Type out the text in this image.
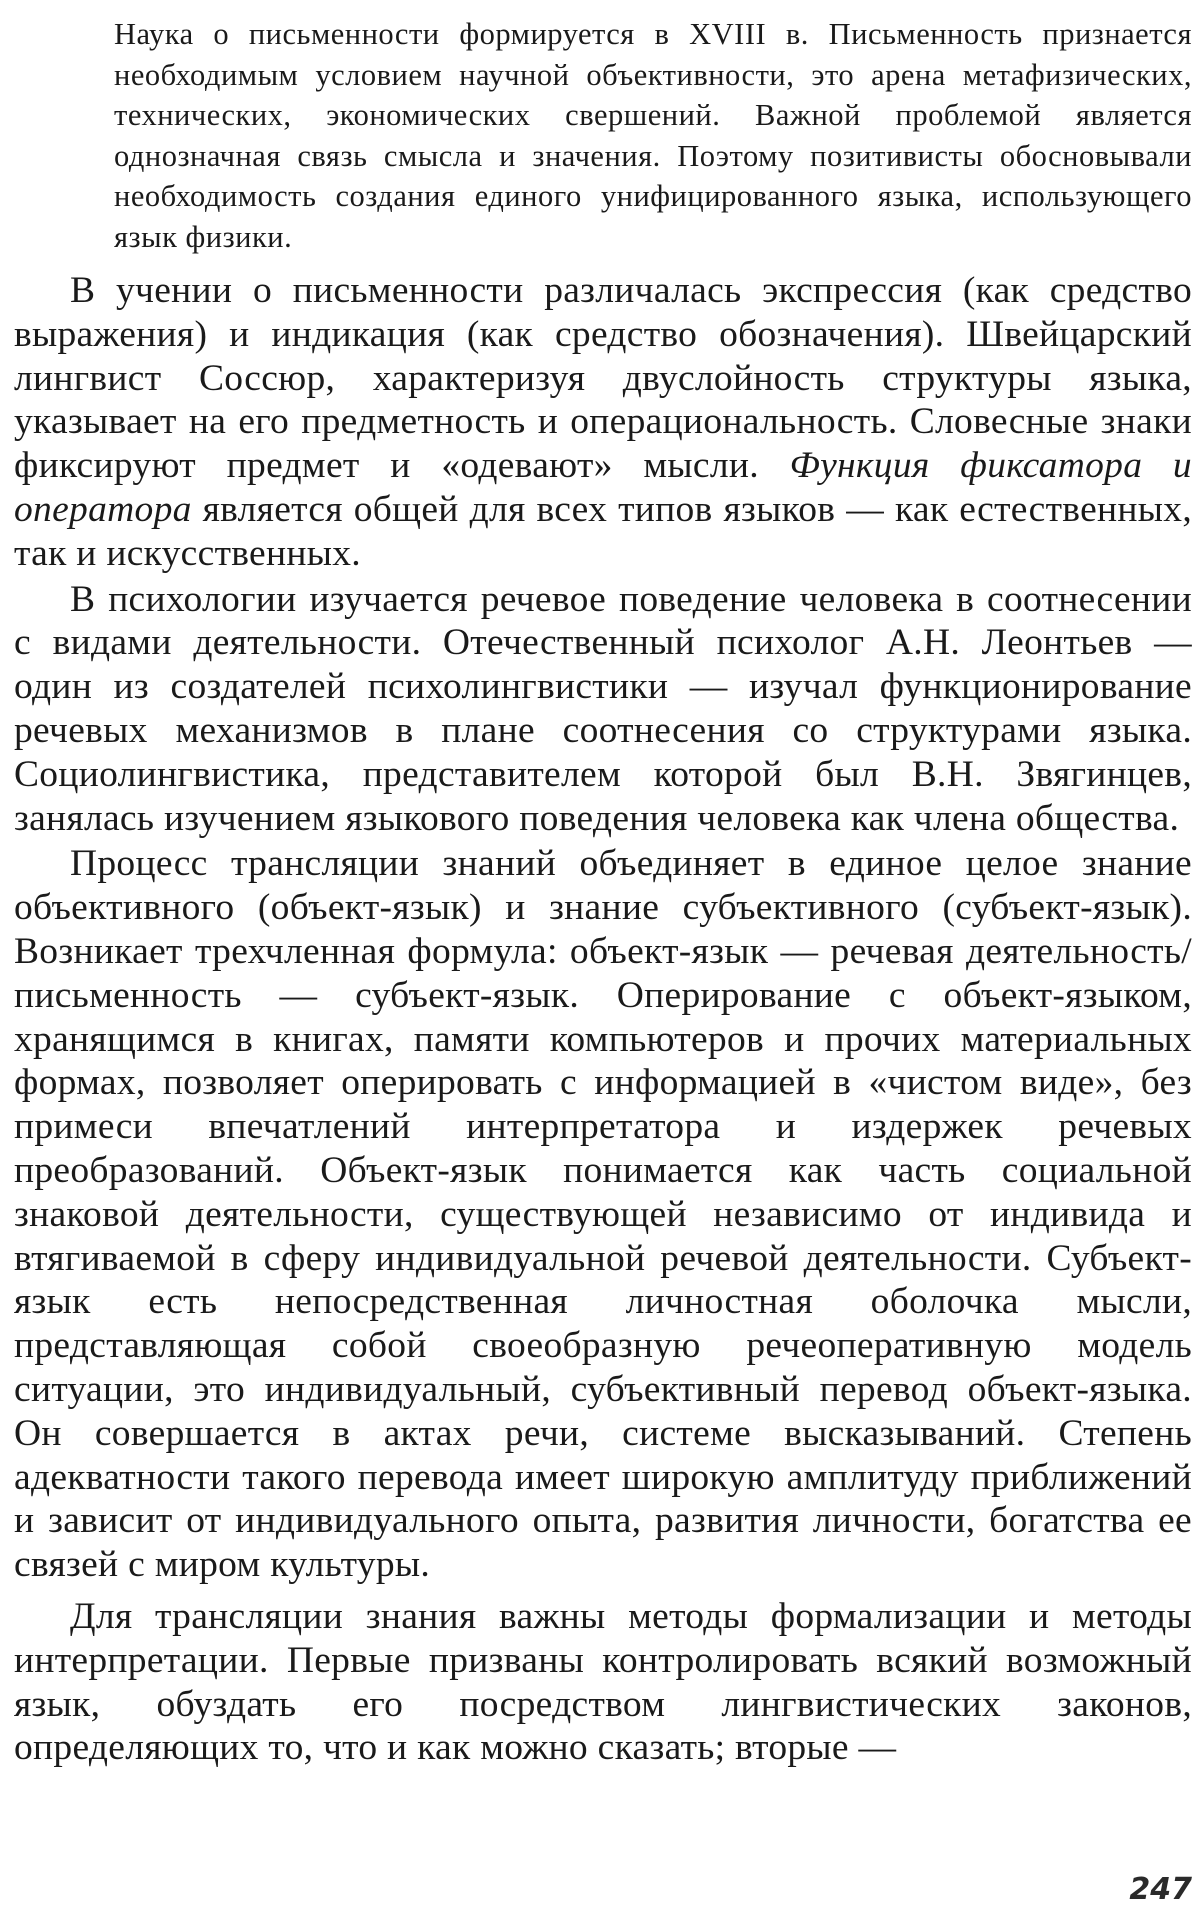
Наука о письменности формируется в XVIII в. Письменность признается необходимым условием научной объективности, это арена метафизических, технических, экономических свершений. Важной проблемой является однозначная связь смысла и значения. Поэтому позитивисты обосновывали необходимость создания единого унифицированного языка, использующего язык физики.

В учении о письменности различалась экспрессия (как средство выражения) и индикация (как средство обозначения). Швейцарский лингвист Соссюр, характеризуя двуслойность структуры языка, указывает на его предметность и операциональность. Словесные знаки фиксируют предмет и «одевают» мысли. Функция фиксатора и оператора является общей для всех типов языков — как естественных, так и искусственных.

В психологии изучается речевое поведение человека в соотнесении с видами деятельности. Отечественный психолог А.Н. Леонтьев — один из создателей психолингвистики — изучал функционирование речевых механизмов в плане соотнесения со структурами языка. Социолингвистика, представителем которой был В.Н. Звягинцев, занялась изучением языкового поведения человека как члена общества.

Процесс трансляции знаний объединяет в единое целое знание объективного (объект-язык) и знание субъективного (субъект-язык). Возникает трехчленная формула: объект-язык — речевая деятельность/письменность — субъект-язык. Оперирование с объект-языком, хранящимся в книгах, памяти компьютеров и прочих материальных формах, позволяет оперировать с информацией в «чистом виде», без примеси впечатлений интерпретатора и издержек речевых преобразований. Объект-язык понимается как часть социальной знаковой деятельности, существующей независимо от индивида и втягиваемой в сферу индивидуальной речевой деятельности. Субъект-язык есть непосредственная личностная оболочка мысли, представляющая собой своеобразную речеоперативную модель ситуации, это индивидуальный, субъективный перевод объект-языка. Он совершается в актах речи, системе высказываний. Степень адекватности такого перевода имеет широкую амплитуду приближений и зависит от индивидуального опыта, развития личности, богатства ее связей с миром культуры.

Для трансляции знания важны методы формализации и методы интерпретации. Первые призваны контролировать всякий возможный язык, обуздать его посредством лингвистических законов, определяющих то, что и как можно сказать; вторые —

247
